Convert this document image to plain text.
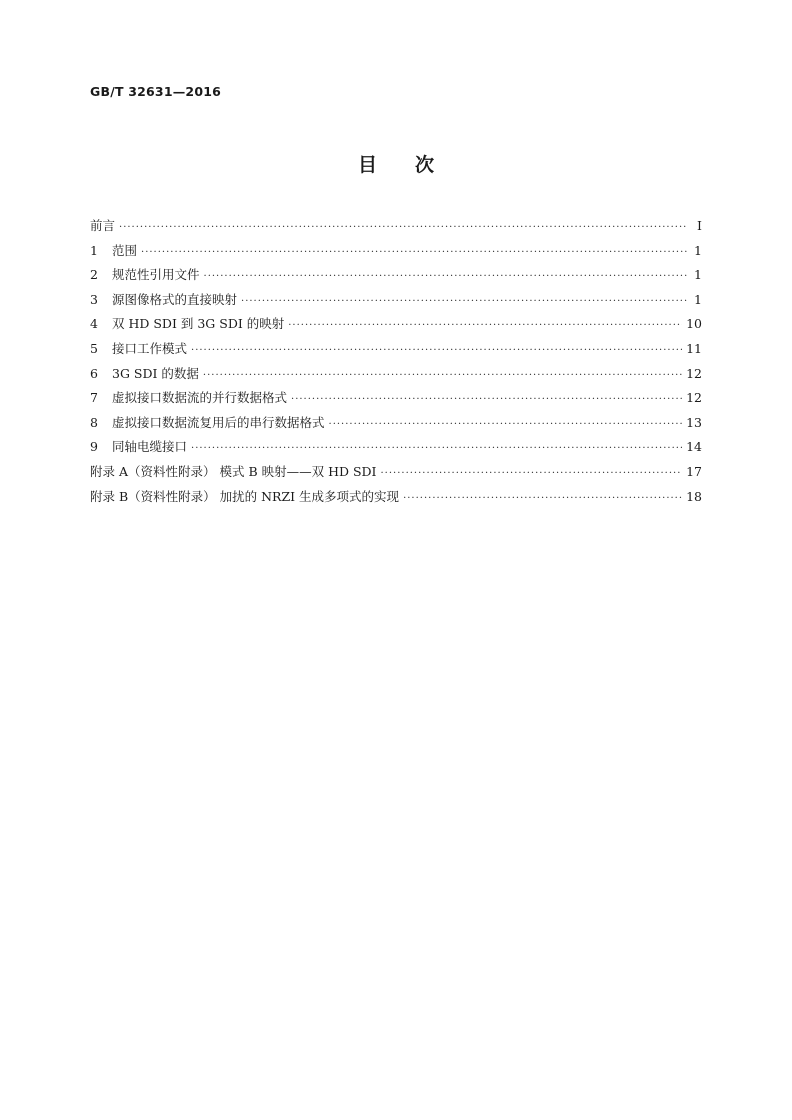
GB/T 32631—2016
目次
前言 ·····	Ⅰ
1 范围 ·····	1
2 规范性引用文件 ·····	1
3 源图像格式的直接映射 ·····	1
4 双 HD SDI 到 3G SDI 的映射 ·····	10
5 接口工作模式 ·····	11
6 3G SDI 的数据 ·····	12
7 虚拟接口数据流的并行数据格式 ·····	12
8 虚拟接口数据流复用后的串行数据格式 ·····	13
9 同轴电缆接口 ·····	14
附录 A（资料性附录） 模式 B 映射——双 HD SDI ·····	17
附录 B（资料性附录） 加扰的 NRZI 生成多项式的实现 ·····	18
